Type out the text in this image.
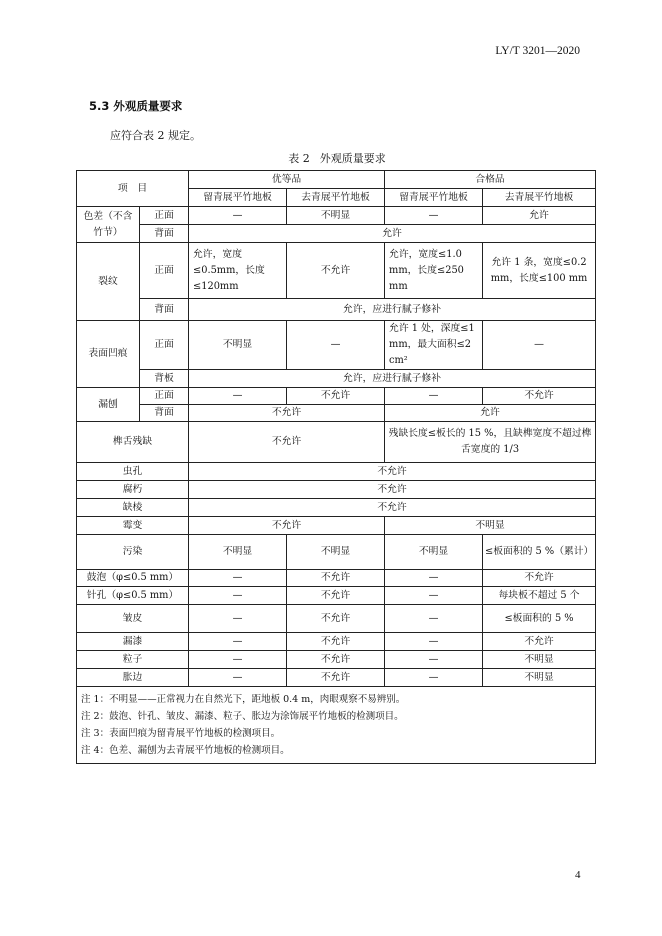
LY/T 3201—2020
5.3 外观质量要求
应符合表 2 规定。
表 2 外观质量要求
项　目		优等品		合格品	
		留青展平竹地板	去青展平竹地板	留青展平竹地板	去青展平竹地板
色差（不含竹节）	正面	—	不明显	—	允许
	背面	允许			
裂纹	正面	允许，宽度≤0.5mm，长度≤120mm	不允许	允许，宽度≤1.0 mm，长度≤250 mm	允许 1 条，宽度≤0.2 mm，长度≤100 mm
	背面	允许，应进行腻子修补			
表面凹痕	正面	不明显	—	允许 1 处，深度≤1 mm，最大面积≤2 cm²	—
	背板	允许，应进行腻子修补			
漏刨	正面	—	不允许	—	不允许
	背面	不允许		允许	
榫舌残缺		不允许		残缺长度≤板长的 15 %，且缺榫宽度不超过榫舌宽度的 1/3	
虫孔		不允许			
腐朽		不允许			
缺棱		不允许			
霉变		不允许		不明显	
污染		不明显	不明显	不明显	≤板面积的 5 %（累计）
鼓泡（φ≤0.5 mm）		—	不允许	—	不允许
针孔（φ≤0.5 mm）		—	不允许	—	每块板不超过 5 个
皱皮		—	不允许	—	≤板面积的 5 %
漏漆		—	不允许	—	不允许
粒子		—	不允许	—	不明显
胀边		—	不允许	—	不明显

注 1：不明显——正常视力在自然光下，距地板 0.4 m，肉眼观察不易辨别。
注 2：鼓泡、针孔、皱皮、漏漆、粒子、胀边为涂饰展平竹地板的检测项目。
注 3：表面凹痕为留青展平竹地板的检测项目。
注 4：色差、漏刨为去青展平竹地板的检测项目。					
4
